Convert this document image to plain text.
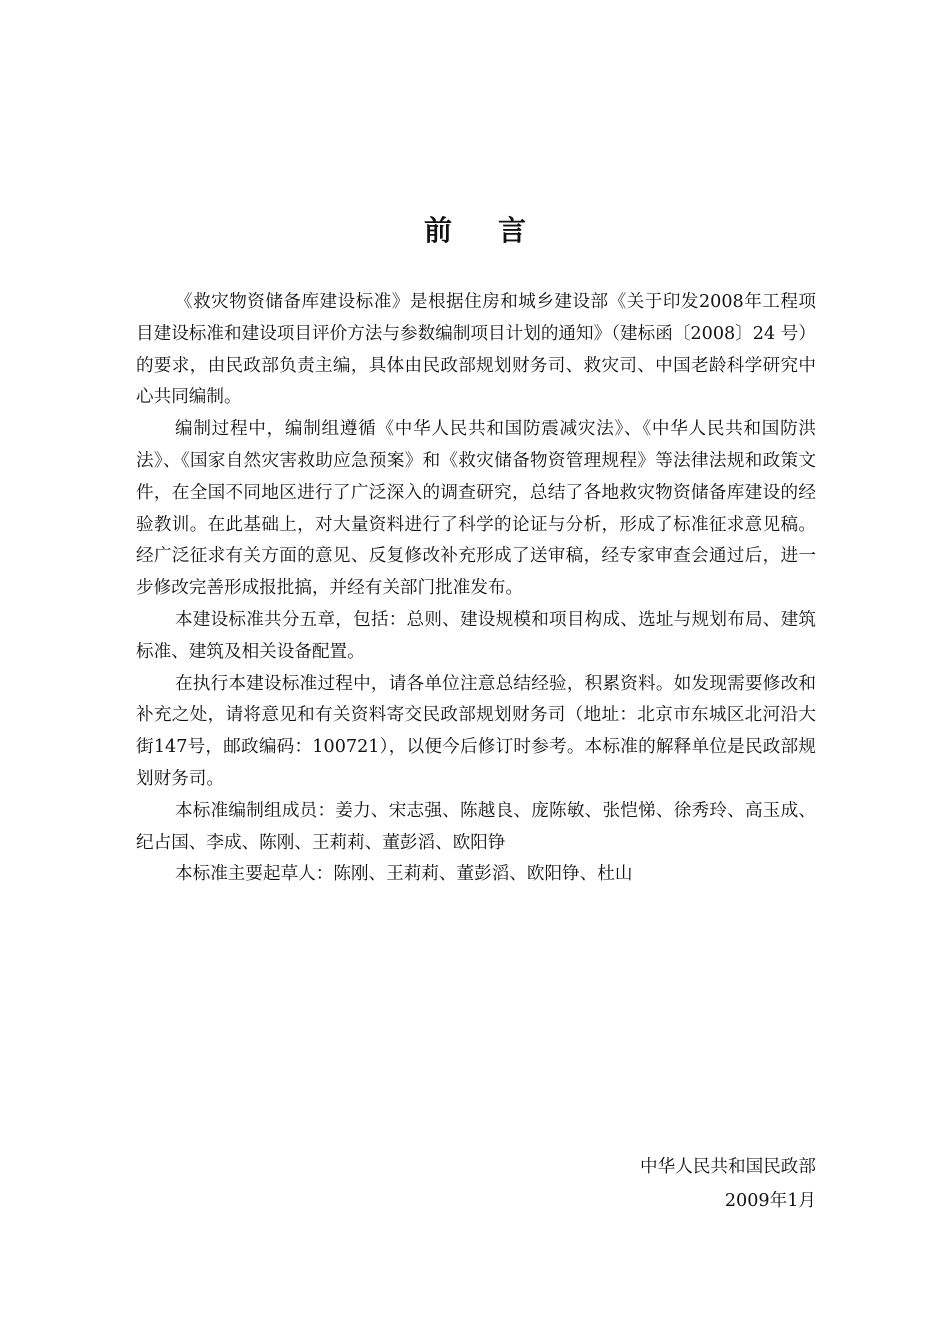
前言

《救灾物资储备库建设标准》是根据住房和城乡建设部《关于印发2008年工程项目建设标准和建设项目评价方法与参数编制项目计划的通知》（建标函〔2008〕24 号）的要求，由民政部负责主编，具体由民政部规划财务司、救灾司、中国老龄科学研究中心共同编制。

编制过程中，编制组遵循《中华人民共和国防震减灾法》、《中华人民共和国防洪法》、《国家自然灾害救助应急预案》和《救灾储备物资管理规程》等法律法规和政策文件，在全国不同地区进行了广泛深入的调查研究，总结了各地救灾物资储备库建设的经验教训。在此基础上，对大量资料进行了科学的论证与分析，形成了标准征求意见稿。经广泛征求有关方面的意见、反复修改补充形成了送审稿，经专家审查会通过后，进一步修改完善形成报批搞，并经有关部门批准发布。

本建设标准共分五章，包括：总则、建设规模和项目构成、选址与规划布局、建筑标准、建筑及相关设备配置。

在执行本建设标准过程中，请各单位注意总结经验，积累资料。如发现需要修改和补充之处，请将意见和有关资料寄交民政部规划财务司（地址：北京市东城区北河沿大街147号，邮政编码：100721），以便今后修订时参考。本标准的解释单位是民政部规划财务司。

本标准编制组成员：姜力、宋志强、陈越良、庞陈敏、张恺悌、徐秀玲、高玉成、纪占国、李成、陈刚、王莉莉、董彭滔、欧阳铮

本标准主要起草人：陈刚、王莉莉、董彭滔、欧阳铮、杜山

中华人民共和国民政部
2009年1月
